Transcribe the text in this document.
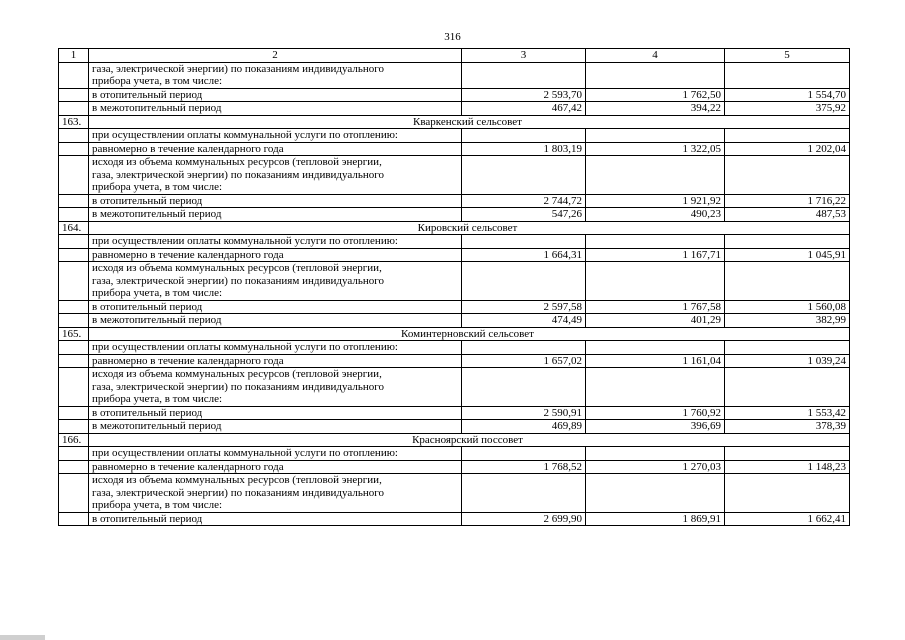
316
1	2	3	4	5

	газа, электрической энергии) по показаниям индивидуального
прибора учета, в том числе:			

	в отопительный период	2 593,70	1 762,50	1 554,70
	в межотопительный период	467,42	394,22	375,92
163.	Кваркенский сельсовет			

	при осуществлении оплаты коммунальной услуги по отоплению:			

	равномерно в течение календарного года	1 803,19	1 322,05	1 202,04

	исходя из объема коммунальных ресурсов (тепловой энергии,
газа, электрической энергии) по показаниям индивидуального
прибора учета, в том числе:			

	в отопительный период	2 744,72	1 921,92	1 716,22
	в межотопительный период	547,26	490,23	487,53
164.	Кировский сельсовет			

	при осуществлении оплаты коммунальной услуги по отоплению:			

	равномерно в течение календарного года	1 664,31	1 167,71	1 045,91

	исходя из объема коммунальных ресурсов (тепловой энергии,
газа, электрической энергии) по показаниям индивидуального
прибора учета, в том числе:			

	в отопительный период	2 597,58	1 767,58	1 560,08
	в межотопительный период	474,49	401,29	382,99
165.	Коминтерновский сельсовет			

	при осуществлении оплаты коммунальной услуги по отоплению:			

	равномерно в течение календарного года	1 657,02	1 161,04	1 039,24

	исходя из объема коммунальных ресурсов (тепловой энергии,
газа, электрической энергии) по показаниям индивидуального
прибора учета, в том числе:			

	в отопительный период	2 590,91	1 760,92	1 553,42
	в межотопительный период	469,89	396,69	378,39
166.	Красноярский поссовет			

	при осуществлении оплаты коммунальной услуги по отоплению:			

	равномерно в течение календарного года	1 768,52	1 270,03	1 148,23

	исходя из объема коммунальных ресурсов (тепловой энергии,
газа, электрической энергии) по показаниям индивидуального
прибора учета, в том числе:			

	в отопительный период	2 699,90	1 869,91	1 662,41
